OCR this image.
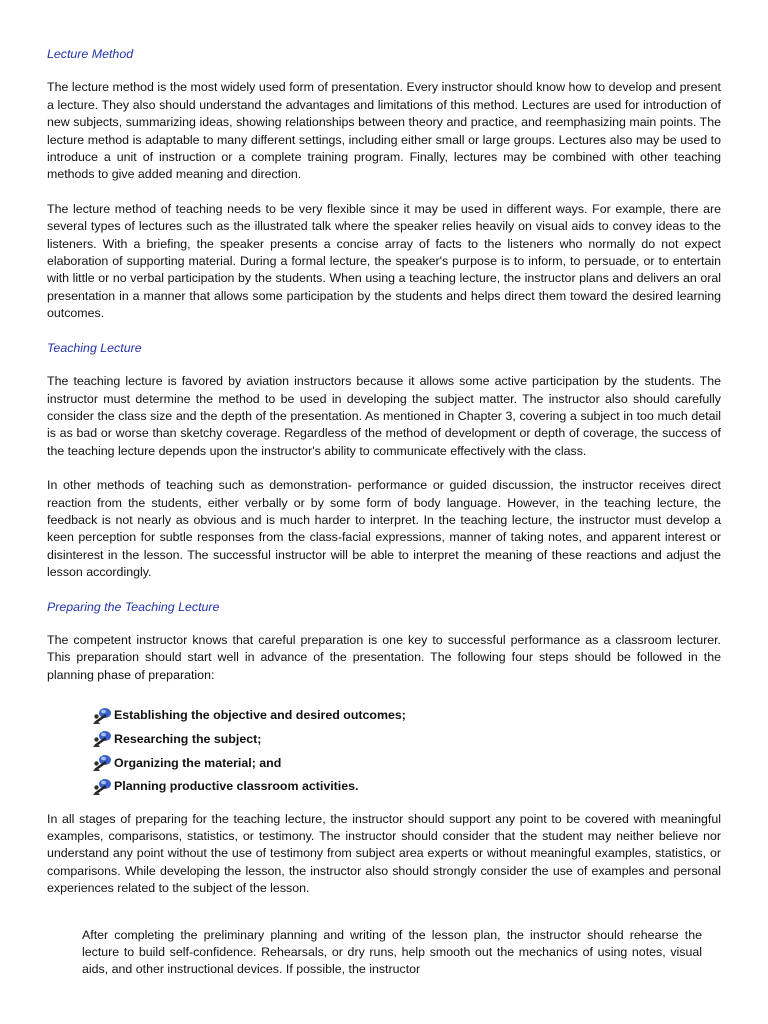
Lecture Method

The lecture method is the most widely used form of presentation. Every instructor should know how to develop and present a lecture. They also should understand the advantages and limitations of this method. Lectures are used for introduction of new subjects, summarizing ideas, showing relationships between theory and practice, and reemphasizing main points. The lecture method is adaptable to many different settings, including either small or large groups. Lectures also may be used to introduce a unit of instruction or a complete training program. Finally, lectures may be combined with other teaching methods to give added meaning and direction.

The lecture method of teaching needs to be very flexible since it may be used in different ways. For example, there are several types of lectures such as the illustrated talk where the speaker relies heavily on visual aids to convey ideas to the listeners. With a briefing, the speaker presents a concise array of facts to the listeners who normally do not expect elaboration of supporting material. During a formal lecture, the speaker's purpose is to inform, to persuade, or to entertain with little or no verbal participation by the students. When using a teaching lecture, the instructor plans and delivers an oral presentation in a manner that allows some participation by the students and helps direct them toward the desired learning outcomes.

Teaching Lecture

The teaching lecture is favored by aviation instructors because it allows some active participation by the students. The instructor must determine the method to be used in developing the subject matter. The instructor also should carefully consider the class size and the depth of the presentation. As mentioned in Chapter 3, covering a subject in too much detail is as bad or worse than sketchy coverage. Regardless of the method of development or depth of coverage, the success of the teaching lecture depends upon the instructor's ability to communicate effectively with the class.

In other methods of teaching such as demonstration- performance or guided discussion, the instructor receives direct reaction from the students, either verbally or by some form of body language. However, in the teaching lecture, the feedback is not nearly as obvious and is much harder to interpret. In the teaching lecture, the instructor must develop a keen perception for subtle responses from the class-facial expressions, manner of taking notes, and apparent interest or disinterest in the lesson. The successful instructor will be able to interpret the meaning of these reactions and adjust the lesson accordingly.

Preparing the Teaching Lecture

The competent instructor knows that careful preparation is one key to successful performance as a classroom lecturer. This preparation should start well in advance of the presentation. The following four steps should be followed in the planning phase of preparation:

Establishing the objective and desired outcomes;
Researching the subject;
Organizing the material; and
Planning productive classroom activities.

In all stages of preparing for the teaching lecture, the instructor should support any point to be covered with meaningful examples, comparisons, statistics, or testimony. The instructor should consider that the student may neither believe nor understand any point without the use of testimony from subject area experts or without meaningful examples, statistics, or comparisons. While developing the lesson, the instructor also should strongly consider the use of examples and personal experiences related to the subject of the lesson.

After completing the preliminary planning and writing of the lesson plan, the instructor should rehearse the lecture to build self-confidence. Rehearsals, or dry runs, help smooth out the mechanics of using notes, visual aids, and other instructional devices. If possible, the instructor
